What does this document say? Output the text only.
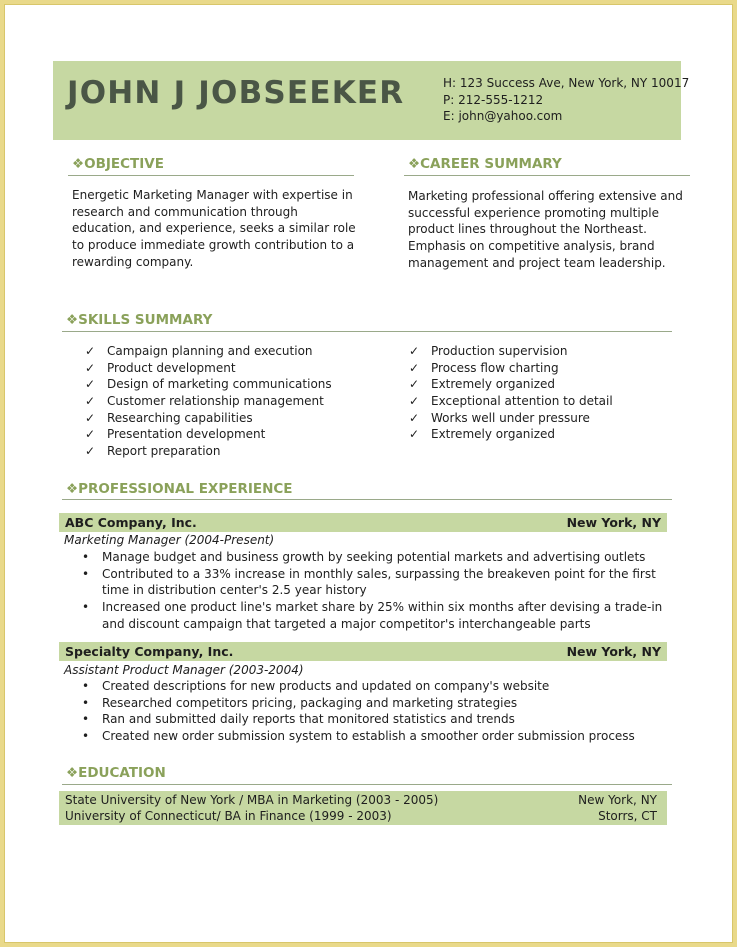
JOHN J JOBSEEKER	H: 123 Success Ave, New York, NY 10017
P: 212-555-1212
E: john@yahoo.com
❖OBJECTIVE
Energetic Marketing Manager with expertise in
research and communication through
education, and experience, seeks a similar role
to produce immediate growth contribution to a
rewarding company.
❖CAREER SUMMARY
Marketing professional offering extensive and
successful experience promoting multiple
product lines throughout the Northeast.
Emphasis on competitive analysis, brand
management and project team leadership.
❖SKILLS SUMMARY
✓ Campaign planning and execution
✓ Product development
✓ Design of marketing communications
✓ Customer relationship management
✓ Researching capabilities
✓ Presentation development
✓ Report preparation
✓ Production supervision
✓ Process flow charting
✓ Extremely organized
✓ Exceptional attention to detail
✓ Works well under pressure
✓ Extremely organized
❖PROFESSIONAL EXPERIENCE
ABC Company, Inc.	New York, NY
Marketing Manager (2004-Present)
• Manage budget and business growth by seeking potential markets and advertising outlets
• Contributed to a 33% increase in monthly sales, surpassing the breakeven point for the first time in distribution center's 2.5 year history
• Increased one product line's market share by 25% within six months after devising a trade-in and discount campaign that targeted a major competitor's interchangeable parts
Specialty Company, Inc.	New York, NY
Assistant Product Manager (2003-2004)
• Created descriptions for new products and updated on company's website
• Researched competitors pricing, packaging and marketing strategies
• Ran and submitted daily reports that monitored statistics and trends
• Created new order submission system to establish a smoother order submission process
❖EDUCATION
State University of New York / MBA in Marketing (2003 - 2005)	New York, NY
University of Connecticut/ BA in Finance (1999 - 2003)	Storrs, CT
